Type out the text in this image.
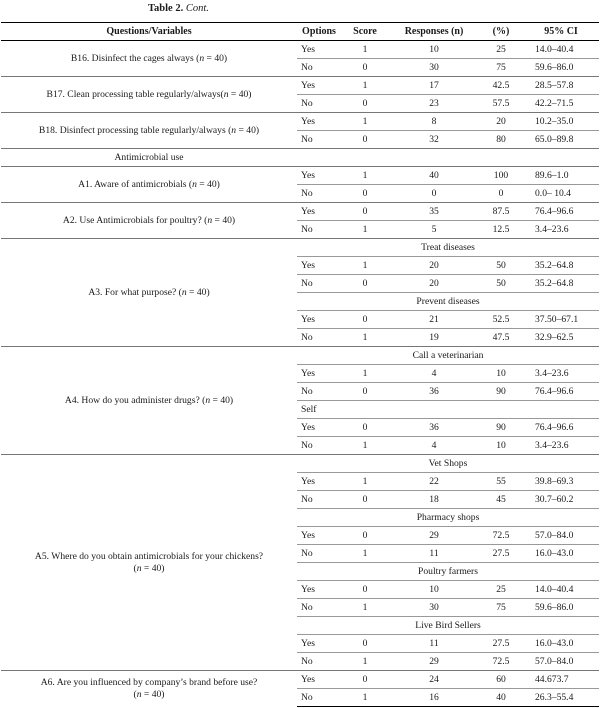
Table 2. Cont.
Questions/Variables	Options	Score	Responses (n)	(%)	95% CI
B16. Disinfect the cages always (n = 40)	Yes	1	10	25	14.0–40.4
	No	0	30	75	59.6–86.0
B17. Clean processing table regularly/always(n = 40)	Yes	1	17	42.5	28.5–57.8
	No	0	23	57.5	42.2–71.5
B18. Disinfect processing table regularly/always (n = 40)	Yes	1	8	20	10.2–35.0
	No	0	32	80	65.0–89.8
Antimicrobial use					
A1. Aware of antimicrobials (n = 40)	Yes	1	40	100	89.6–1.0
	No	0	0	0	0.0– 10.4
A2. Use Antimicrobials for poultry? (n = 40)	Yes	0	35	87.5	76.4–96.6
	No	1	5	12.5	3.4–23.6
A3. For what purpose? (n = 40)	Treat diseases				
	Yes	1	20	50	35.2–64.8
	No	0	20	50	35.2–64.8
	Prevent diseases				
	Yes	0	21	52.5	37.50–67.1
	No	1	19	47.5	32.9–62.5
A4. How do you administer drugs? (n = 40)	Call a veterinarian				
	Yes	1	4	10	3.4–23.6
	No	0	36	90	76.4–96.6
	Self				
	Yes	0	36	90	76.4–96.6
	No	1	4	10	3.4–23.6
A5. Where do you obtain antimicrobials for your chickens?
(n = 40)	Vet Shops				
	Yes	1	22	55	39.8–69.3
	No	0	18	45	30.7–60.2
	Pharmacy shops				
	Yes	0	29	72.5	57.0–84.0
	No	1	11	27.5	16.0–43.0
	Poultry farmers				
	Yes	0	10	25	14.0–40.4
	No	1	30	75	59.6–86.0
	Live Bird Sellers				
	Yes	0	11	27.5	16.0–43.0
	No	1	29	72.5	57.0–84.0
A6. Are you influenced by company’s brand before use?
(n = 40)	Yes	0	24	60	44.673.7
	No	1	16	40	26.3–55.4
